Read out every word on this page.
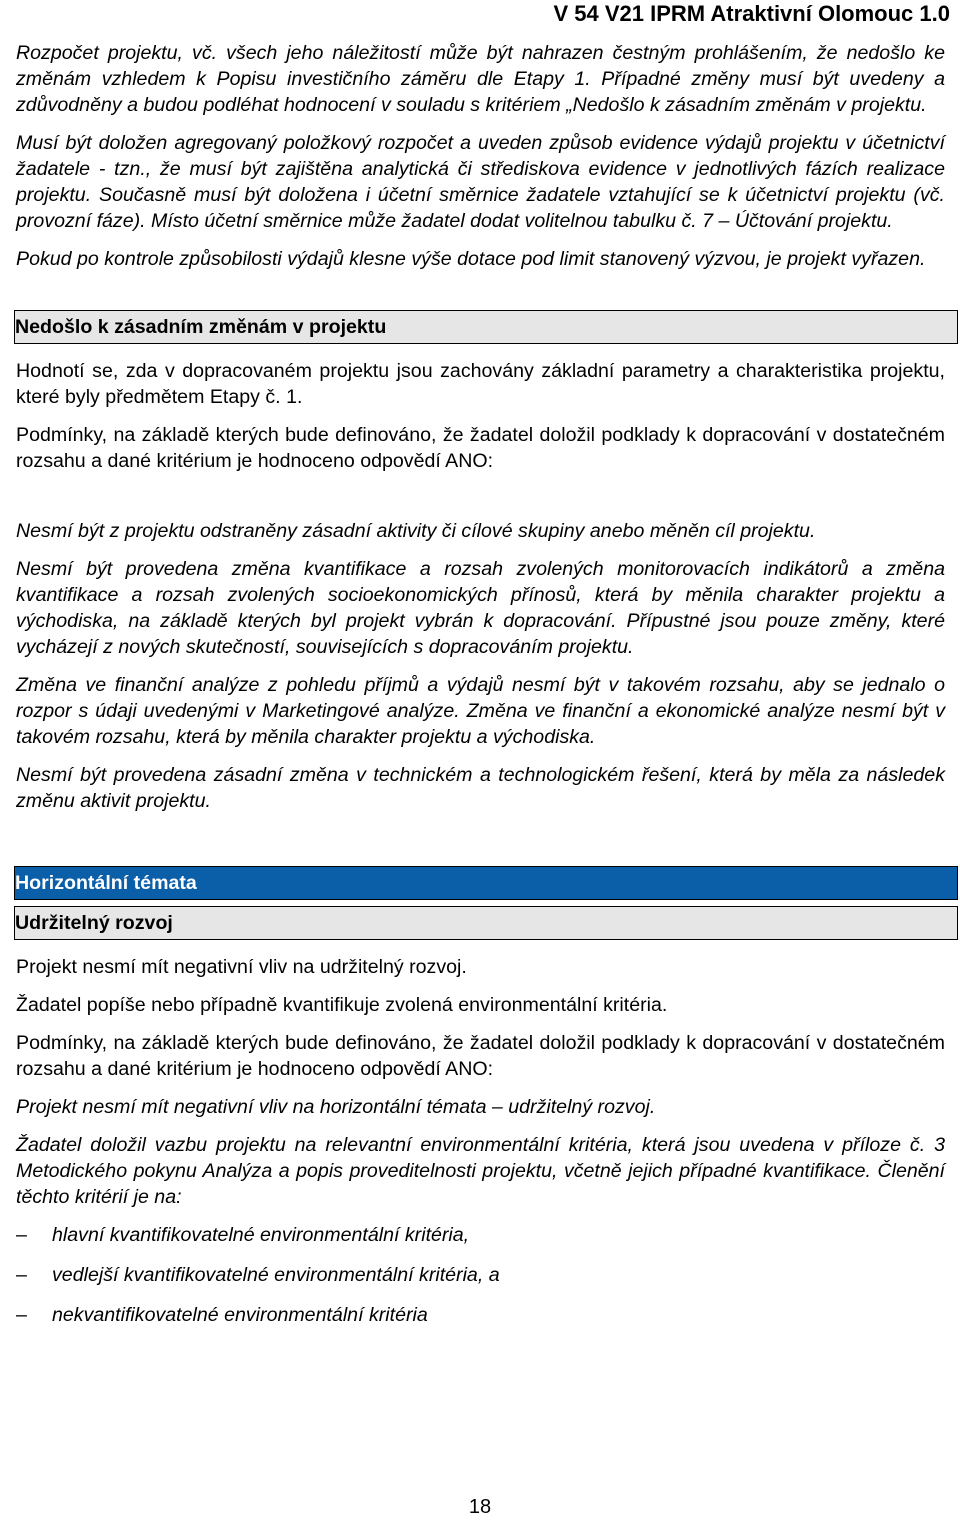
V 54 V21 IPRM Atraktivní Olomouc 1.0

Rozpočet projektu, vč. všech jeho náležitostí může být nahrazen čestným prohlášením, že nedošlo ke změnám vzhledem k Popisu investičního záměru dle Etapy 1. Případné změny musí být uvedeny a zdůvodněny a budou podléhat hodnocení v souladu s kritériem „Nedošlo k zásadním změnám v projektu.

Musí být doložen agregovaný položkový rozpočet a uveden způsob evidence výdajů projektu v účetnictví žadatele - tzn., že musí být zajištěna analytická či střediskova evidence v jednotlivých fázích realizace projektu. Současně musí být doložena i účetní směrnice žadatele vztahující se k účetnictví projektu (vč. provozní fáze). Místo účetní směrnice může žadatel dodat volitelnou tabulku č. 7 – Účtování projektu.

Pokud po kontrole způsobilosti výdajů klesne výše dotace pod limit stanovený výzvou, je projekt vyřazen.

Nedošlo k zásadním změnám v projektu

Hodnotí se, zda v dopracovaném projektu jsou zachovány základní parametry a charakteristika projektu, které byly předmětem Etapy č. 1.

Podmínky, na základě kterých bude definováno, že žadatel doložil podklady k dopracování v dostatečném rozsahu a dané kritérium je hodnoceno odpovědí ANO:

Nesmí být z projektu odstraněny zásadní aktivity či cílové skupiny anebo měněn cíl projektu.

Nesmí být provedena změna kvantifikace a rozsah zvolených monitorovacích indikátorů a změna kvantifikace a rozsah zvolených socioekonomických přínosů, která by měnila charakter projektu a východiska, na základě kterých byl projekt vybrán k dopracování. Přípustné jsou pouze změny, které vycházejí z nových skutečností, souvisejících s dopracováním projektu.

Změna ve finanční analýze z pohledu příjmů a výdajů nesmí být v takovém rozsahu, aby se jednalo o rozpor s údaji uvedenými v Marketingové analýze. Změna ve finanční a ekonomické analýze nesmí být v takovém rozsahu, která by měnila charakter projektu a východiska.

Nesmí být provedena zásadní změna v technickém a technologickém řešení, která by měla za následek změnu aktivit projektu.

Horizontální témata
Udržitelný rozvoj

Projekt nesmí mít negativní vliv na udržitelný rozvoj.

Žadatel popíše nebo případně kvantifikuje zvolená environmentální kritéria.

Podmínky, na základě kterých bude definováno, že žadatel doložil podklady k dopracování v dostatečném rozsahu a dané kritérium je hodnoceno odpovědí ANO:

Projekt nesmí mít negativní vliv na horizontální témata – udržitelný rozvoj.

Žadatel doložil vazbu projektu na relevantní environmentální kritéria, která jsou uvedena v příloze č. 3 Metodického pokynu Analýza a popis proveditelnosti projektu, včetně jejich případné kvantifikace. Členění těchto kritérií je na:

– hlavní kvantifikovatelné environmentální kritéria,
– vedlejší kvantifikovatelné environmentální kritéria, a
– nekvantifikovatelné environmentální kritéria
18
